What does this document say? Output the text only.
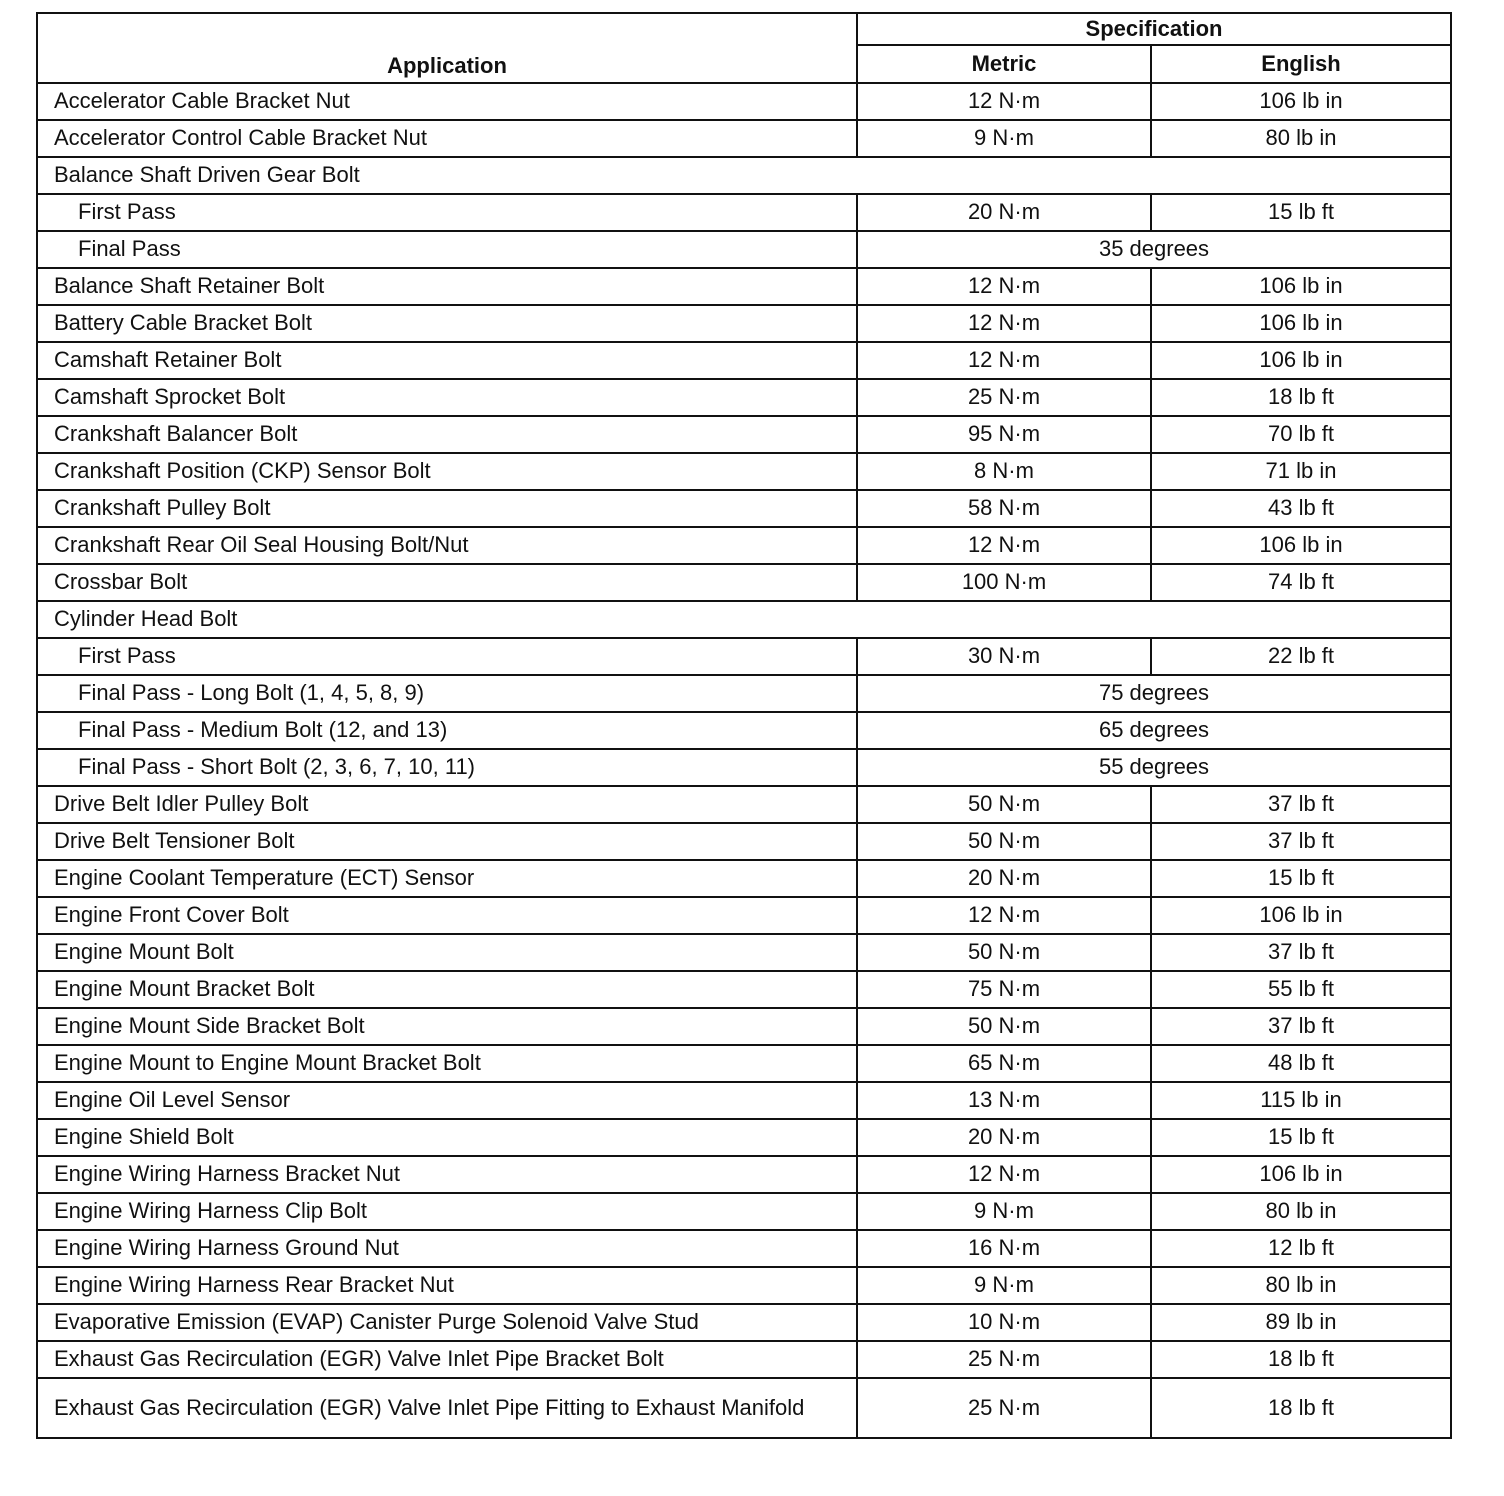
Application	Specification	
	Metric	English
Accelerator Cable Bracket Nut	12 N·m	106 lb in
Accelerator Control Cable Bracket Nut	9 N·m	80 lb in
Balance Shaft Driven Gear Bolt		
First Pass	20 N·m	15 lb ft
Final Pass	35 degrees	
Balance Shaft Retainer Bolt	12 N·m	106 lb in
Battery Cable Bracket Bolt	12 N·m	106 lb in
Camshaft Retainer Bolt	12 N·m	106 lb in
Camshaft Sprocket Bolt	25 N·m	18 lb ft
Crankshaft Balancer Bolt	95 N·m	70 lb ft
Crankshaft Position (CKP) Sensor Bolt	8 N·m	71 lb in
Crankshaft Pulley Bolt	58 N·m	43 lb ft
Crankshaft Rear Oil Seal Housing Bolt/Nut	12 N·m	106 lb in
Crossbar Bolt	100 N·m	74 lb ft
Cylinder Head Bolt		
First Pass	30 N·m	22 lb ft
Final Pass - Long Bolt (1, 4, 5, 8, 9)	75 degrees	
Final Pass - Medium Bolt (12, and 13)	65 degrees	
Final Pass - Short Bolt (2, 3, 6, 7, 10, 11)	55 degrees	
Drive Belt Idler Pulley Bolt	50 N·m	37 lb ft
Drive Belt Tensioner Bolt	50 N·m	37 lb ft
Engine Coolant Temperature (ECT) Sensor	20 N·m	15 lb ft
Engine Front Cover Bolt	12 N·m	106 lb in
Engine Mount Bolt	50 N·m	37 lb ft
Engine Mount Bracket Bolt	75 N·m	55 lb ft
Engine Mount Side Bracket Bolt	50 N·m	37 lb ft
Engine Mount to Engine Mount Bracket Bolt	65 N·m	48 lb ft
Engine Oil Level Sensor	13 N·m	115 lb in
Engine Shield Bolt	20 N·m	15 lb ft
Engine Wiring Harness Bracket Nut	12 N·m	106 lb in
Engine Wiring Harness Clip Bolt	9 N·m	80 lb in
Engine Wiring Harness Ground Nut	16 N·m	12 lb ft
Engine Wiring Harness Rear Bracket Nut	9 N·m	80 lb in
Evaporative Emission (EVAP) Canister Purge Solenoid Valve Stud	10 N·m	89 lb in
Exhaust Gas Recirculation (EGR) Valve Inlet Pipe Bracket Bolt	25 N·m	18 lb ft
Exhaust Gas Recirculation (EGR) Valve Inlet Pipe Fitting to Exhaust Manifold	25 N·m	18 lb ft
